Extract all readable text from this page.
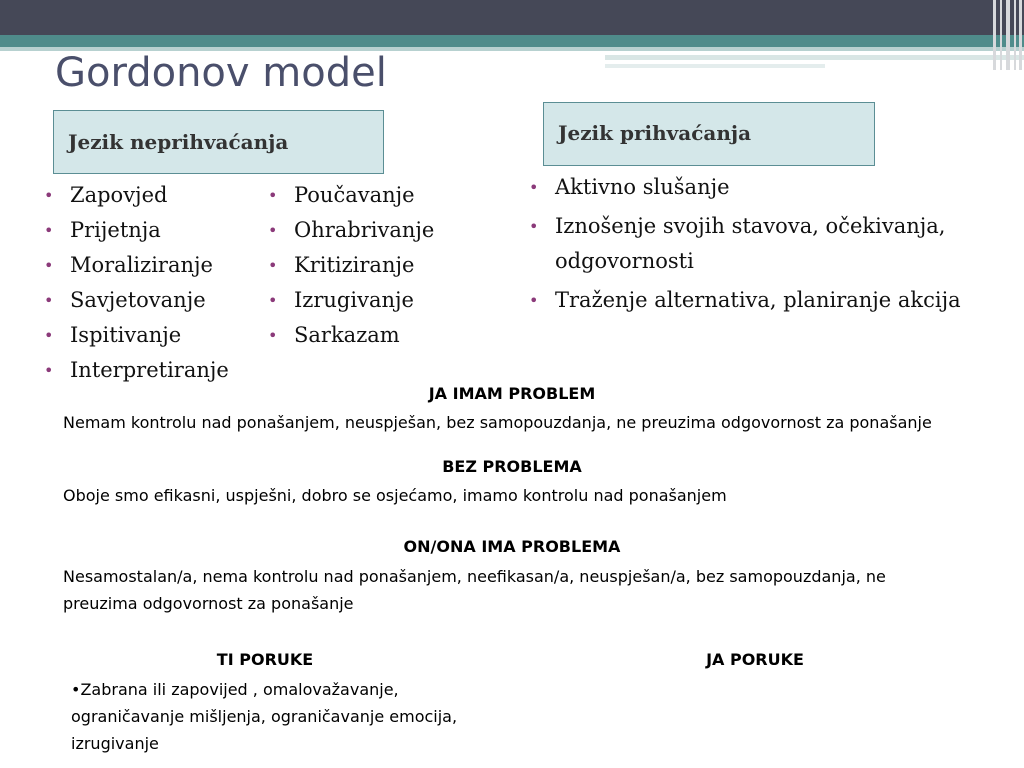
Gordonov model
Jezik neprihvaćanja	Jezik prihvaćanja
• Zapovjed
• Prijetnja
• Moraliziranje
• Savjetovanje
• Ispitivanje
• Interpretiranje
• Poučavanje
• Ohrabrivanje
• Kritiziranje
• Izrugivanje
• Sarkazam
• Aktivno slušanje
• Iznošenje svojih stavova, očekivanja, odgovornosti
• Traženje alternativa, planiranje akcija
JA IMAM PROBLEM
Nemam kontrolu nad ponašanjem, neuspješan, bez samopouzdanja, ne preuzima odgovornost za ponašanje
BEZ PROBLEMA
Oboje smo efikasni, uspješni, dobro se osjećamo, imamo kontrolu nad ponašanjem
ON/ONA IMA PROBLEMA
Nesamostalan/a, nema kontrolu nad ponašanjem, neefikasan/a, neuspješan/a, bez samopouzdanja, ne preuzima odgovornost za ponašanje
TI PORUKE	JA PORUKE
•Zabrana ili zapovijed , omalovažavanje, ograničavanje mišljenja, ograničavanje emocija, izrugivanje
